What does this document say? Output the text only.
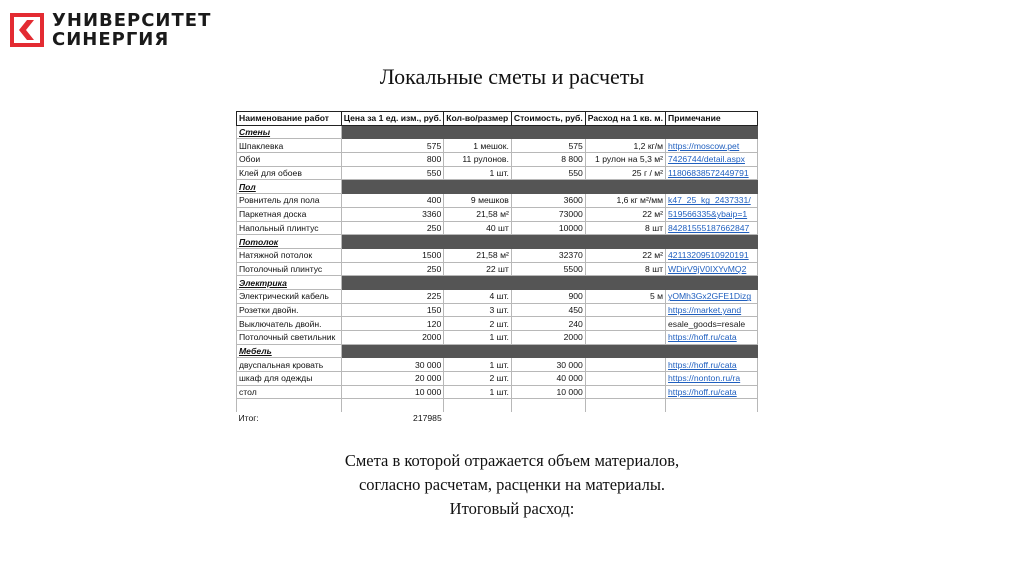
УНИВЕРСИТЕТ
СИНЕРГИЯ
Локальные сметы и расчеты
Наименование работ	Цена за 1 ед. изм., руб.	Кол-во/размер	Стоимость, руб.	Расход на 1 кв. м.	Примечание
Стены					
Шпаклевка	575	1 мешок.	575	1,2 кг/м	https://moscow.pet
Обои	800	11 рулонов.	8 800	1 рулон на 5,3 м²	7426744/detail.aspx
Клей для обоев	550	1 шт.	550	25 г / м²	11806838572449791
Пол					
Ровнитель для пола	400	9 мешков	3600	1,6 кг м²/мм	k47_25_kg_2437331/
Паркетная доска	3360	21,58 м²	73000	22 м²	519566335&ybaip=1
Напольный плинтус	250	40 шт	10000	8 шт	84281555187662847
Потолок					
Натяжной потолок	1500	21,58 м²	32370	22 м²	42113209510920191
Потолочный плинтус	250	22 шт	5500	8 шт	WDirV9jV0IXYvMQ2
Электрика					
Электрический кабель	225	4 шт.	900	5 м	yOMh3Gx2GFE1Dizg
Розетки двойн.	150	3 шт.	450		https://market.yand
Выключатель двойн.	120	2 шт.	240		esale_goods=resale
Потолочный светильник	2000	1 шт.	2000		https://hoff.ru/cata
Мебель					
двуспальная кровать	30 000	1 шт.	30 000		https://hoff.ru/cata
шкаф для одежды	20 000	2 шт.	40 000		https://nonton.ru/ra
стол	10 000	1 шт.	10 000		https://hoff.ru/cata

Итог:	217985				
Смета в которой отражается объем материалов,
согласно расчетам, расценки на материалы.
Итоговый расход:
